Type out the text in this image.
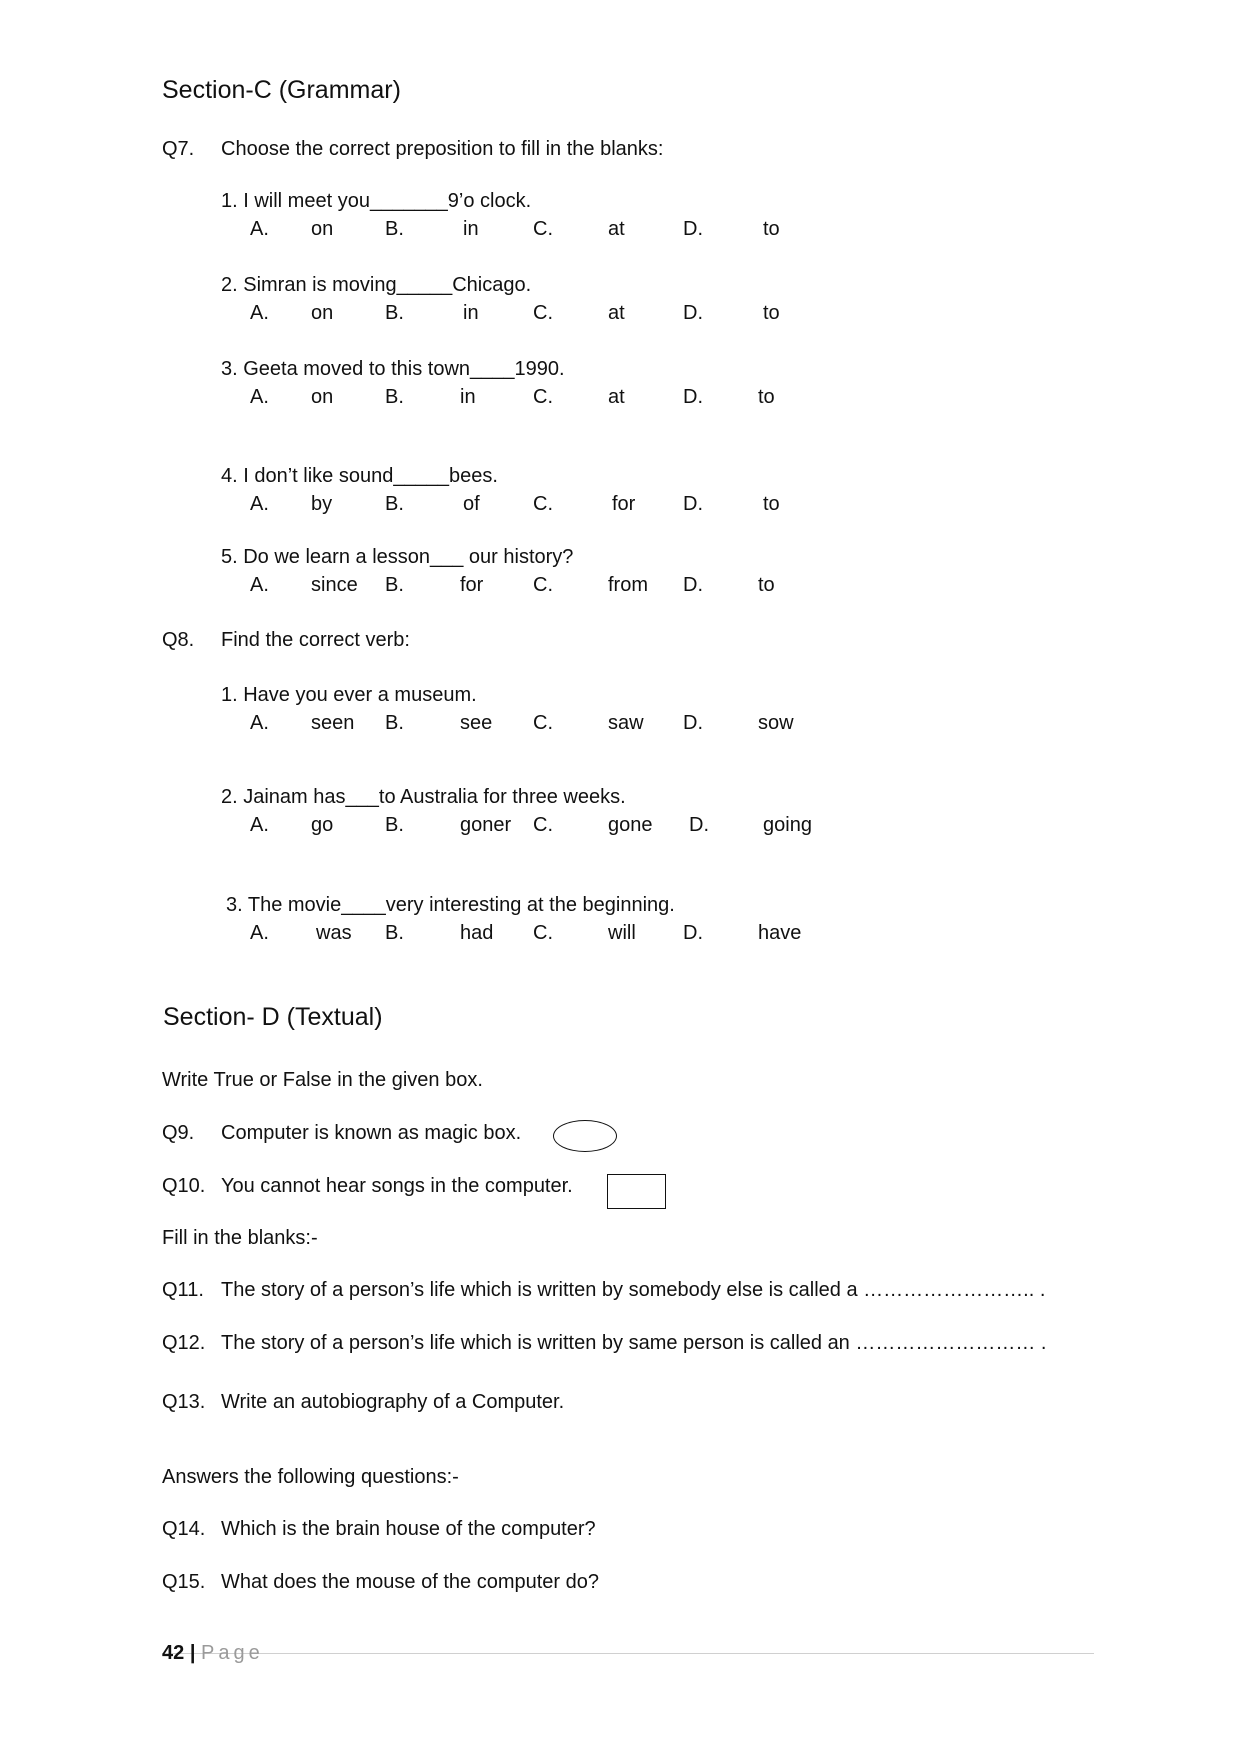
Section-C (Grammar)
Q7. Choose the correct preposition to fill in the blanks:
1. I will meet you_______9’o clock.
A. on	B.	in	C.	at	D.	to
2. Simran is moving_____Chicago.
A. on	B.	in	C.	at	D.	to
3. Geeta moved to this town____1990.
A. on	B.	in	C.	at	D.	to
4. I don’t like sound_____bees.
A. by	B.	of	C.	for D.	to
5. Do we learn a lesson___ our history?
A. since B.	for C.	from D.	to
Q8. Find the correct verb:
1. Have you ever a museum.
A. seen B.	see C.	saw D.	sow
2. Jainam has___to Australia for three weeks.
A. go	B.	goner C.	gone D.	going
3. The movie____very interesting at the beginning.
A. was B.	had C.	will D.	have
Section- D (Textual)
Write True or False in the given box.
Q9. Computer is known as magic box.
Q10. You cannot hear songs in the computer.
Fill in the blanks:-
Q11. The story of a person’s life which is written by somebody else is called a …………………….. .
Q12. The story of a person’s life which is written by same person is called an ……………………… .
Q13. Write an autobiography of a Computer.
Answers the following questions:-
Q14. Which is the brain house of the computer?
Q15. What does the mouse of the computer do?
42 | Page
